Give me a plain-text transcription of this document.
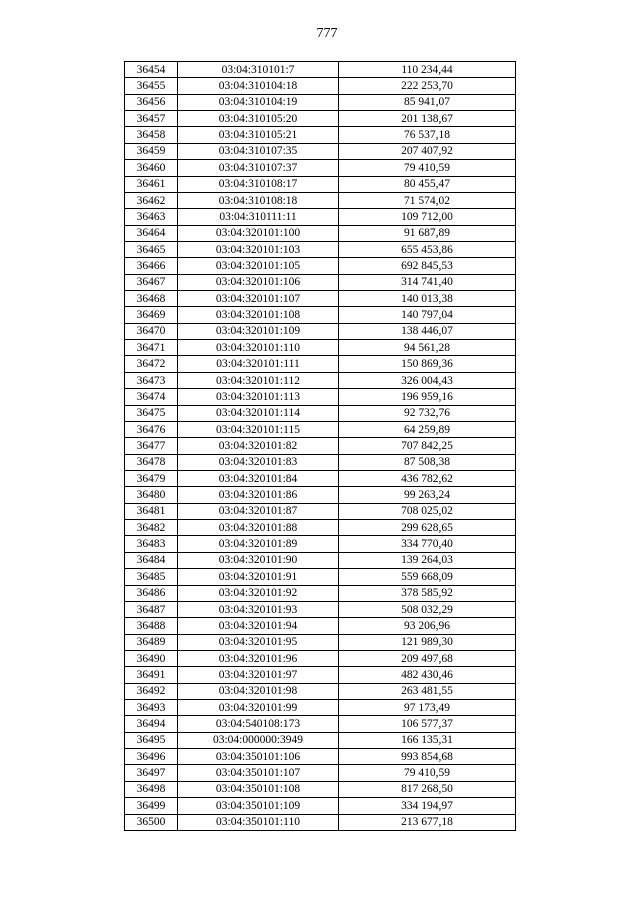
777
36454	03:04:310101:7	110 234,44
36455	03:04:310104:18	222 253,70
36456	03:04:310104:19	85 941,07
36457	03:04:310105:20	201 138,67
36458	03:04:310105:21	76 537,18
36459	03:04:310107:35	207 407,92
36460	03:04:310107:37	79 410,59
36461	03:04:310108:17	80 455,47
36462	03:04:310108:18	71 574,02
36463	03:04:310111:11	109 712,00
36464	03:04:320101:100	91 687,89
36465	03:04:320101:103	655 453,86
36466	03:04:320101:105	692 845,53
36467	03:04:320101:106	314 741,40
36468	03:04:320101:107	140 013,38
36469	03:04:320101:108	140 797,04
36470	03:04:320101:109	138 446,07
36471	03:04:320101:110	94 561,28
36472	03:04:320101:111	150 869,36
36473	03:04:320101:112	326 004,43
36474	03:04:320101:113	196 959,16
36475	03:04:320101:114	92 732,76
36476	03:04:320101:115	64 259,89
36477	03:04:320101:82	707 842,25
36478	03:04:320101:83	87 508,38
36479	03:04:320101:84	436 782,62
36480	03:04:320101:86	99 263,24
36481	03:04:320101:87	708 025,02
36482	03:04:320101:88	299 628,65
36483	03:04:320101:89	334 770,40
36484	03:04:320101:90	139 264,03
36485	03:04:320101:91	559 668,09
36486	03:04:320101:92	378 585,92
36487	03:04:320101:93	508 032,29
36488	03:04:320101:94	93 206,96
36489	03:04:320101:95	121 989,30
36490	03:04:320101:96	209 497,68
36491	03:04:320101:97	482 430,46
36492	03:04:320101:98	263 481,55
36493	03:04:320101:99	97 173,49
36494	03:04:540108:173	106 577,37
36495	03:04:000000:3949	166 135,31
36496	03:04:350101:106	993 854,68
36497	03:04:350101:107	79 410,59
36498	03:04:350101:108	817 268,50
36499	03:04:350101:109	334 194,97
36500	03:04:350101:110	213 677,18
